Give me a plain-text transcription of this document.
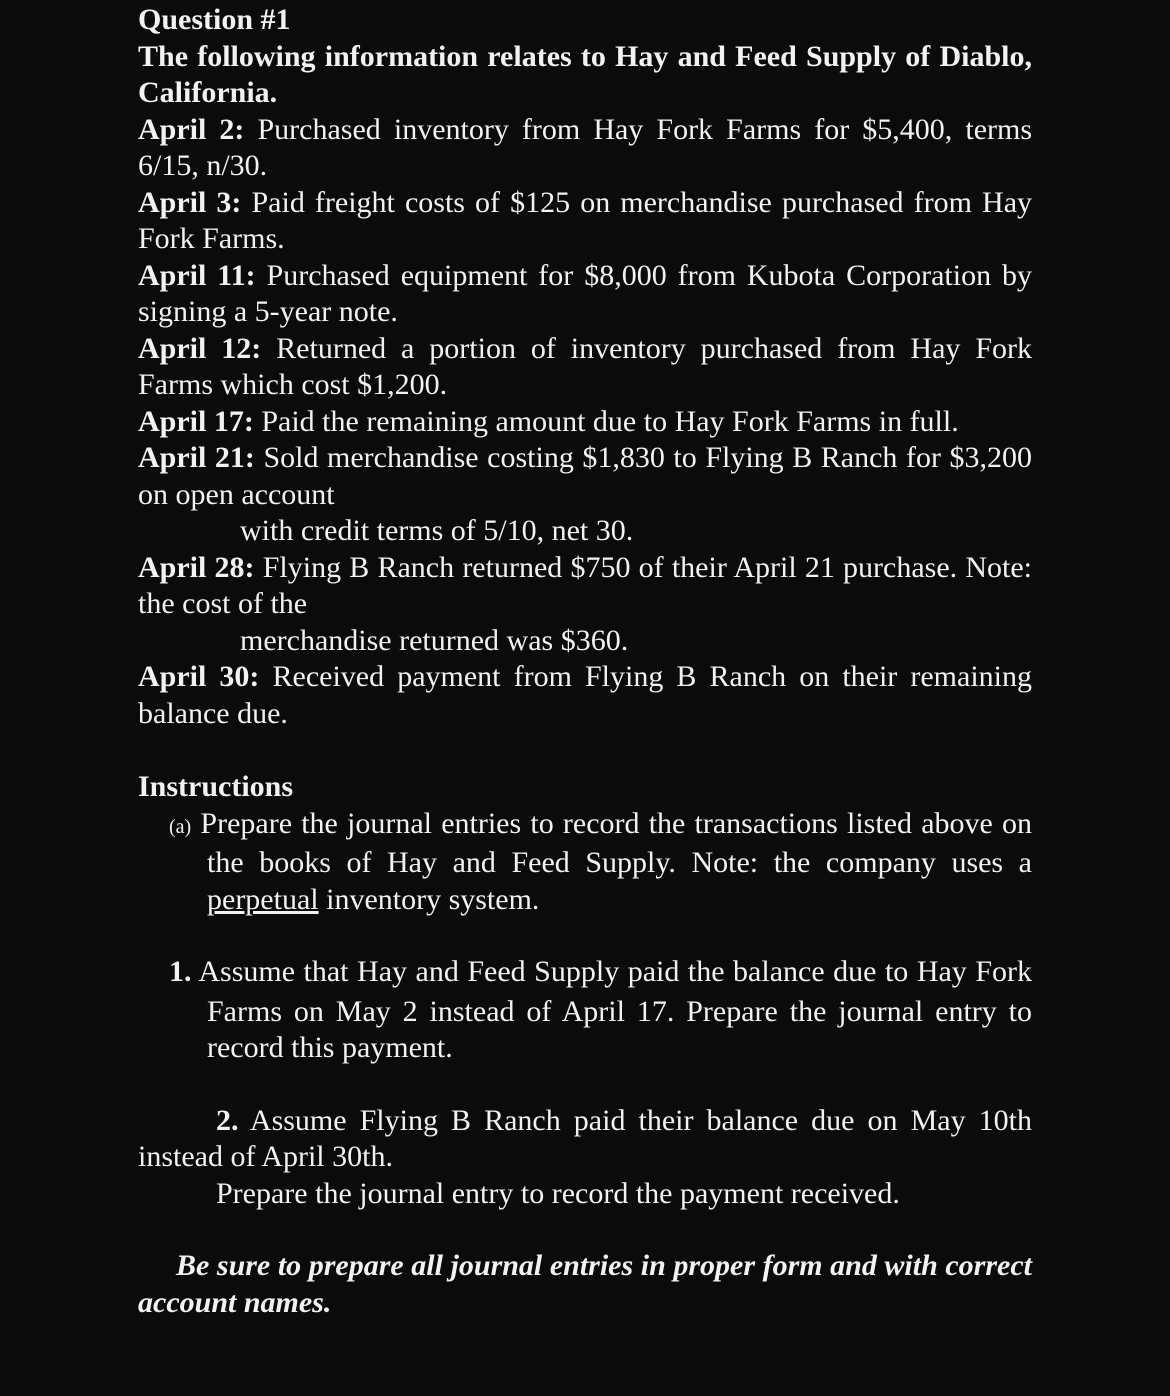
Question #1
The following information relates to Hay and Feed Supply of Diablo, California.
April 2: Purchased inventory from Hay Fork Farms for $5,400, terms 6/15, n/30.
April 3: Paid freight costs of $125 on merchandise purchased from Hay Fork Farms.
April 11: Purchased equipment for $8,000 from Kubota Corporation by signing a 5-year note.
April 12: Returned a portion of inventory purchased from Hay Fork Farms which cost $1,200.
April 17: Paid the remaining amount due to Hay Fork Farms in full.
April 21: Sold merchandise costing $1,830 to Flying B Ranch for $3,200 on open account
with credit terms of 5/10, net 30.
April 28: Flying B Ranch returned $750 of their April 21 purchase. Note: the cost of the
merchandise returned was $360.
April 30: Received payment from Flying B Ranch on their remaining balance due.
Instructions
(a) Prepare the journal entries to record the transactions listed above on the books of Hay and Feed Supply. Note: the company uses a perpetual inventory system.
1. Assume that Hay and Feed Supply paid the balance due to Hay Fork Farms on May 2 instead of April 17. Prepare the journal entry to record this payment.
2. Assume Flying B Ranch paid their balance due on May 10th instead of April 30th.
Prepare the journal entry to record the payment received.
Be sure to prepare all journal entries in proper form and with correct account names.
